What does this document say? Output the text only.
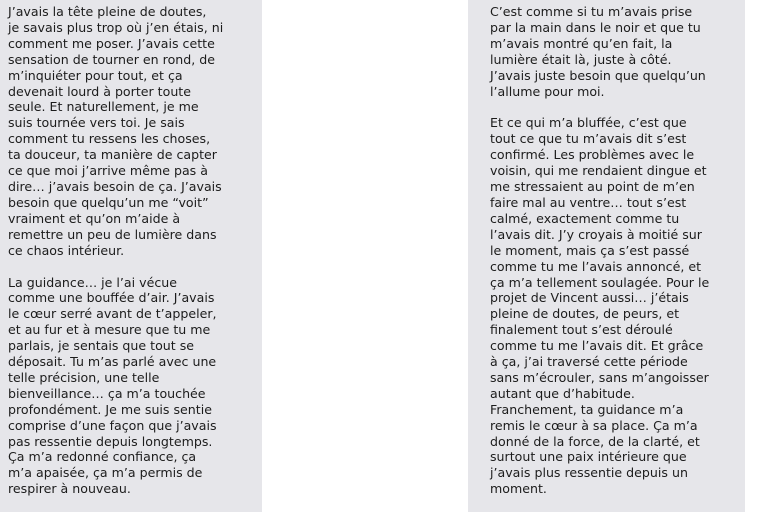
J’avais la tête pleine de doutes,
je savais plus trop où j’en étais, ni
comment me poser. J’avais cette
sensation de tourner en rond, de
m’inquiéter pour tout, et ça
devenait lourd à porter toute
seule. Et naturellement, je me
suis tournée vers toi. Je sais
comment tu ressens les choses,
ta douceur, ta manière de capter
ce que moi j’arrive même pas à
dire… j’avais besoin de ça. J’avais
besoin que quelqu’un me “voit”
vraiment et qu’on m’aide à
remettre un peu de lumière dans
ce chaos intérieur.

La guidance… je l’ai vécue
comme une bouffée d’air. J’avais
le cœur serré avant de t’appeler,
et au fur et à mesure que tu me
parlais, je sentais que tout se
déposait. Tu m’as parlé avec une
telle précision, une telle
bienveillance… ça m’a touchée
profondément. Je me suis sentie
comprise d’une façon que j’avais
pas ressentie depuis longtemps.
Ça m’a redonné confiance, ça
m’a apaisée, ça m’a permis de
respirer à nouveau.

C’est comme si tu m’avais prise
par la main dans le noir et que tu
m’avais montré qu’en fait, la
lumière était là, juste à côté.
J’avais juste besoin que quelqu’un
l’allume pour moi.

Et ce qui m’a bluffée, c’est que
tout ce que tu m’avais dit s’est
confirmé. Les problèmes avec le
voisin, qui me rendaient dingue et
me stressaient au point de m’en
faire mal au ventre… tout s’est
calmé, exactement comme tu
l’avais dit. J’y croyais à moitié sur
le moment, mais ça s’est passé
comme tu me l’avais annoncé, et
ça m’a tellement soulagée. Pour le
projet de Vincent aussi… j’étais
pleine de doutes, de peurs, et
finalement tout s’est déroulé
comme tu me l’avais dit. Et grâce
à ça, j’ai traversé cette période
sans m’écrouler, sans m’angoisser
autant que d’habitude.
Franchement, ta guidance m’a
remis le cœur à sa place. Ça m’a
donné de la force, de la clarté, et
surtout une paix intérieure que
j’avais plus ressentie depuis un
moment.
